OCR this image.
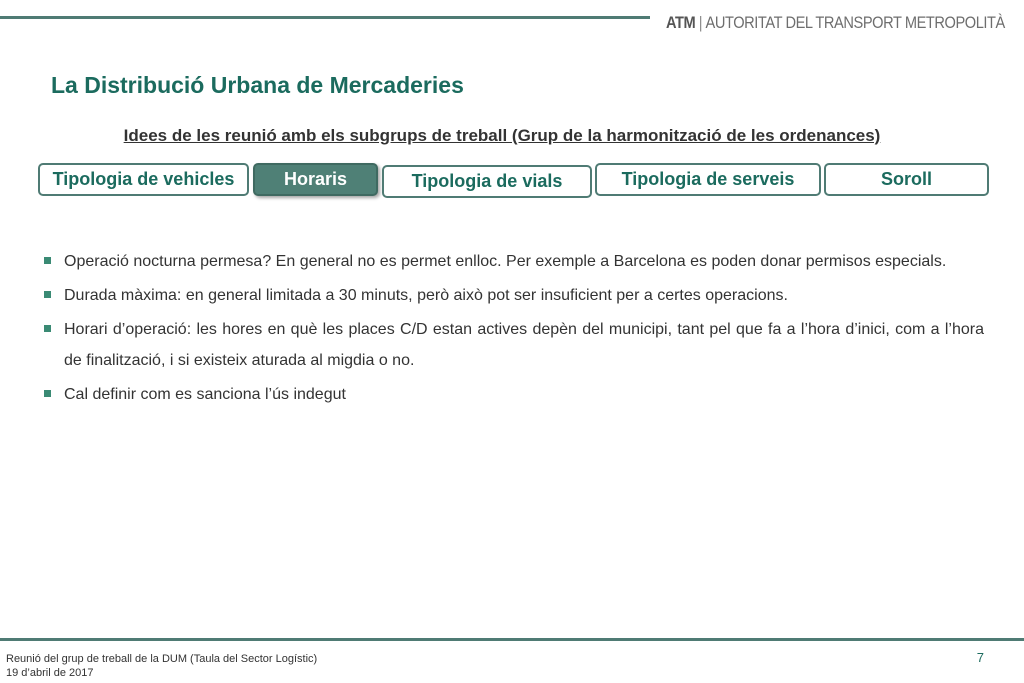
ATM | AUTORITAT DEL TRANSPORT METROPOLITÀ
La Distribució Urbana de Mercaderies

Idees de les reunió amb els subgrups de treball (Grup de la harmonització de les ordenances)

Tipologia de vehicles	Horaris	Tipologia de vials	Tipologia de serveis	Soroll
Operació nocturna permesa? En general no es permet enlloc. Per exemple a Barcelona es poden donar permisos especials.
Durada màxima: en general limitada a 30 minuts, però això pot ser insuficient per a certes operacions.
Horari d’operació: les hores en què les places C/D estan actives depèn del municipi, tant pel que fa a l’hora d’inici, com a l’hora de finalització, i si existeix aturada al migdia o no.
Cal definir com es sanciona l’ús indegut
Reunió del grup de treball de la DUM (Taula del Sector Logístic)
19 d’abril de 2017
7
